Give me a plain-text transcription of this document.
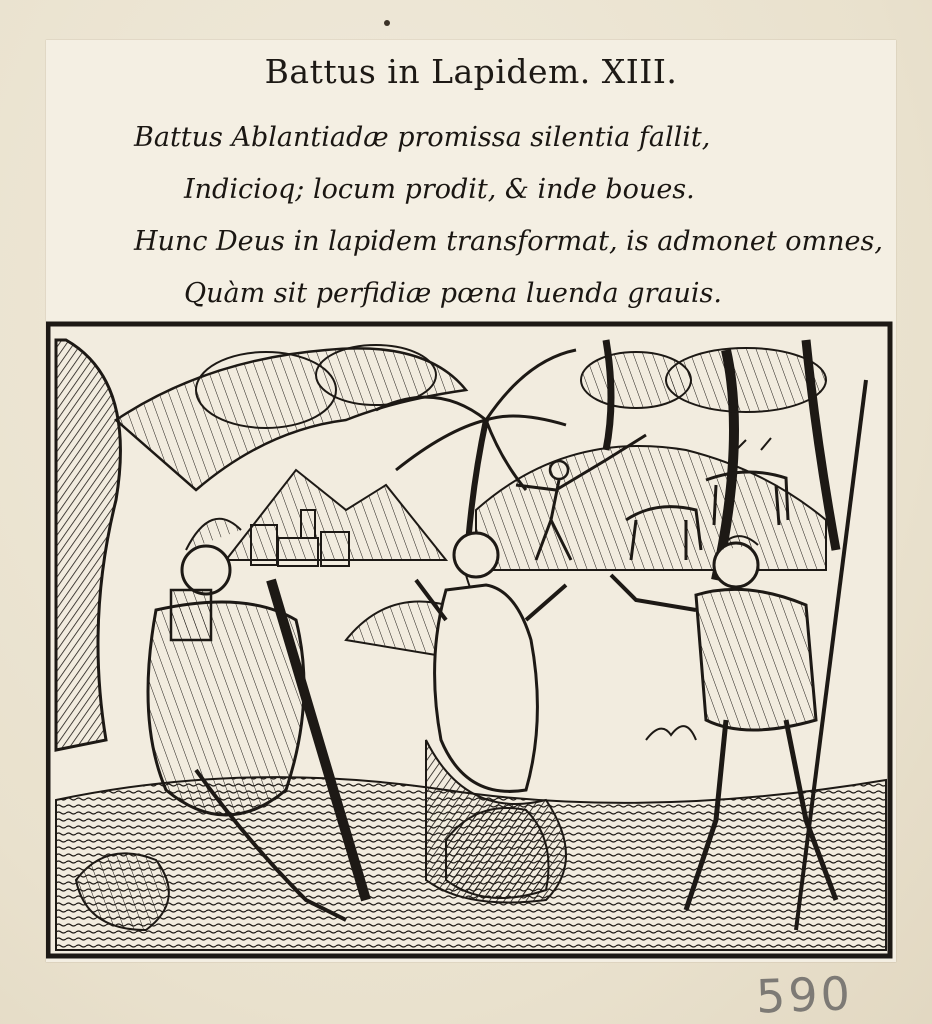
Battus in Lapidem. XIII.
Battus Ablantiadæ promissa silentia fallit,
Indicioq; locum prodit, & inde boues.
Hunc Deus in lapidem transformat, is admonet omnes,
Quàm sit perfidiæ pœna luenda grauis.
590
